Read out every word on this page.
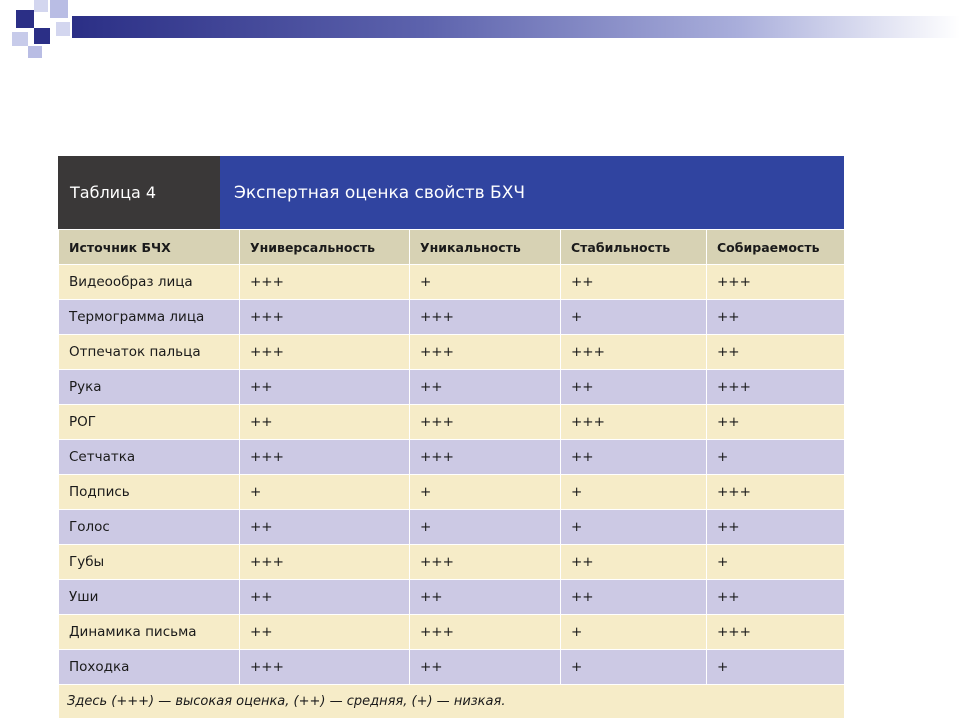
Таблица 4	Экспертная оценка свойств БХЧ
Источник БЧХ	Универсальность	Уникальность	Стабильность	Собираемость
Видеообраз лица	+++	+	++	+++
Термограмма лица	+++	+++	+	++
Отпечаток пальца	+++	+++	+++	++
Рука	++	++	++	+++
РОГ	++	+++	+++	++
Сетчатка	+++	+++	++	+
Подпись	+	+	+	+++
Голос	++	+	+	++
Губы	+++	+++	++	+
Уши	++	++	++	++
Динамика письма	++	+++	+	+++
Походка	+++	++	+	+
Здесь (+++) — высокая оценка, (++) — средняя, (+) — низкая.				
